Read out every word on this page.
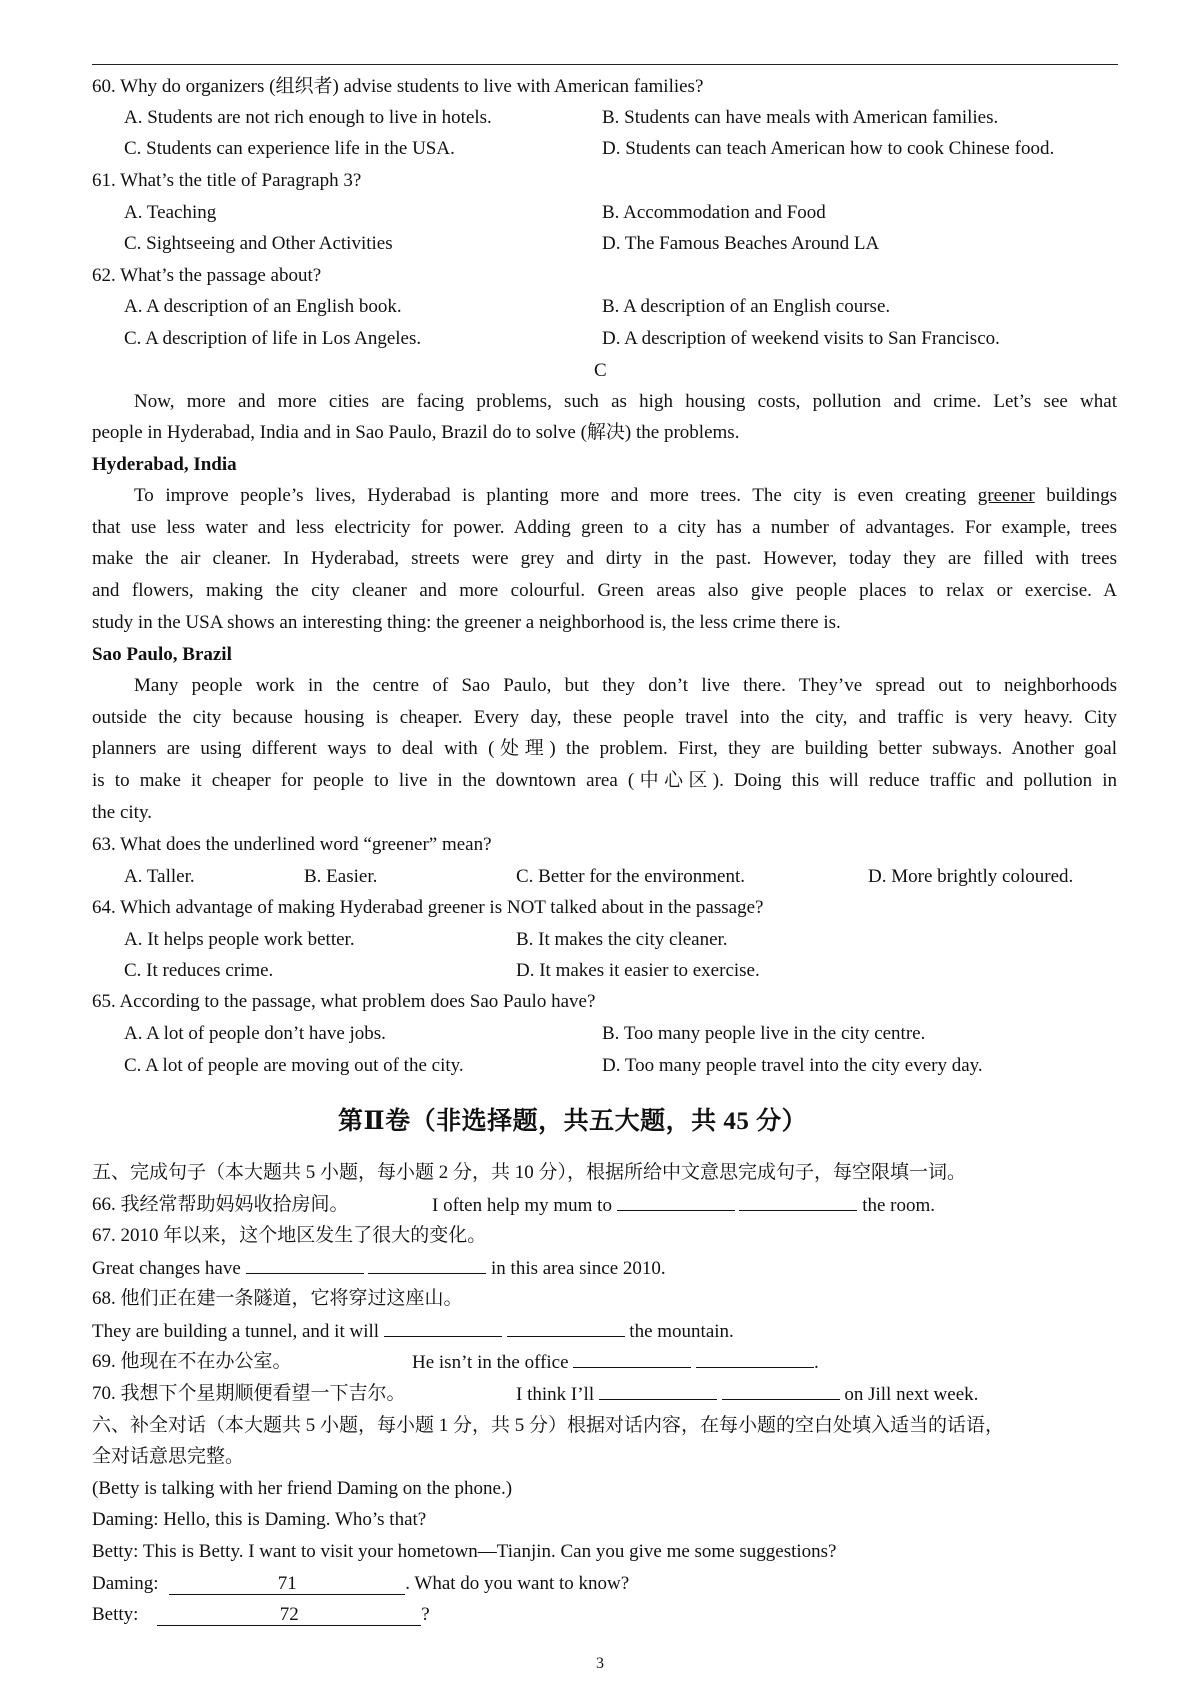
60. Why do organizers (组织者) advise students to live with American families?
A. Students are not rich enough to live in hotels.	B. Students can have meals with American families.
C. Students can experience life in the USA.	D. Students can teach American how to cook Chinese food.
61. What’s the title of Paragraph 3?
A. Teaching	B. Accommodation and Food
C. Sightseeing and Other Activities	D. The Famous Beaches Around LA
62. What’s the passage about?
A. A description of an English book.	B. A description of an English course.
C. A description of life in Los Angeles.	D. A description of weekend visits to San Francisco.
C
Now, more and more cities are facing problems, such as high housing costs, pollution and crime. Let’s see what
people in Hyderabad, India and in Sao Paulo, Brazil do to solve (解决) the problems.
Hyderabad, India
To improve people’s lives, Hyderabad is planting more and more trees. The city is even creating greener buildings
that use less water and less electricity for power. Adding green to a city has a number of advantages. For example, trees
make the air cleaner. In Hyderabad, streets were grey and dirty in the past. However, today they are filled with trees
and flowers, making the city cleaner and more colourful. Green areas also give people places to relax or exercise. A
study in the USA shows an interesting thing: the greener a neighborhood is, the less crime there is.
Sao Paulo, Brazil
Many people work in the centre of Sao Paulo, but they don’t live there. They’ve spread out to neighborhoods
outside the city because housing is cheaper. Every day, these people travel into the city, and traffic is very heavy. City
planners are using different ways to deal with (处理) the problem. First, they are building better subways. Another goal
is to make it cheaper for people to live in the downtown area (中心区). Doing this will reduce traffic and pollution in
the city.
63. What does the underlined word “greener” mean?
A. Taller.	B. Easier.	C. Better for the environment.	D. More brightly coloured.
64. Which advantage of making Hyderabad greener is NOT talked about in the passage?
A. It helps people work better.	B. It makes the city cleaner.
C. It reduces crime.	D. It makes it easier to exercise.
65. According to the passage, what problem does Sao Paulo have?
A. A lot of people don’t have jobs.	B. Too many people live in the city centre.
C. A lot of people are moving out of the city.	D. Too many people travel into the city every day.
第Ⅱ卷（非选择题，共五大题，共 45 分）
五、完成句子（本大题共 5 小题，每小题 2 分，共 10 分），根据所给中文意思完成句子，每空限填一词。
66. 我经常帮助妈妈收拾房间。	I often help my mum to	the room.
67. 2010 年以来，这个地区发生了很大的变化。
Great changes have	in this area since 2010.
68. 他们正在建一条隧道，它将穿过这座山。
They are building a tunnel, and it will	the mountain.
69. 他现在不在办公室。	He isn’t in the office	.
70. 我想下个星期顺便看望一下吉尔。	I think I’ll	on Jill next week.
六、补全对话（本大题共 5 小题，每小题 1 分，共 5 分）根据对话内容，在每小题的空白处填入适当的话语，
全对话意思完整。
(Betty is talking with her friend Daming on the phone.)
Daming: Hello, this is Daming. Who’s that?
Betty: This is Betty. I want to visit your hometown—Tianjin. Can you give me some suggestions?
Daming:	71	. What do you want to know?
Betty:	72	?
3
